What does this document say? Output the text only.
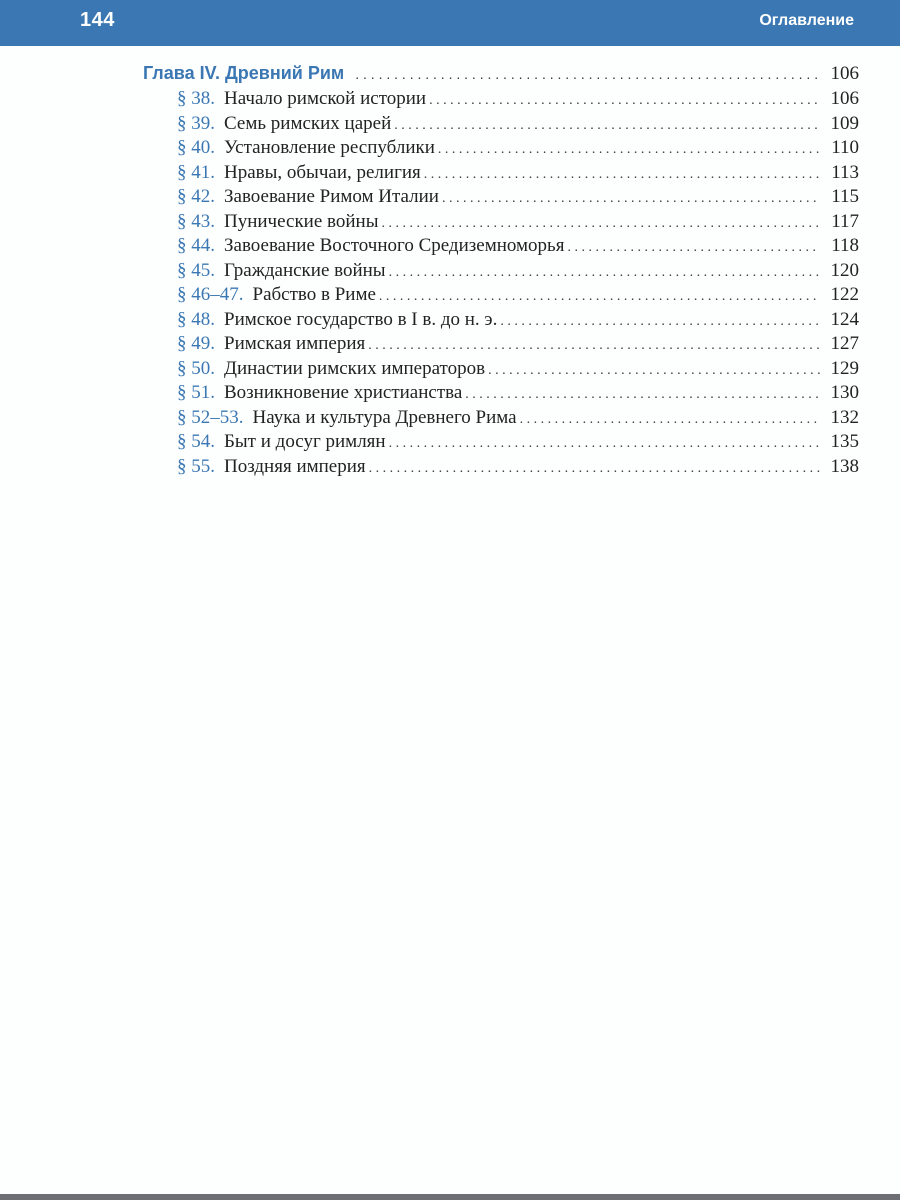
144	Оглавление
Глава IV. Древний Рим . . .	106
§ 38. Начало римской истории . . .	106
§ 39. Семь римских царей . . .	109
§ 40. Установление республики . . .	110
§ 41. Нравы, обычаи, религия . . .	113
§ 42. Завоевание Римом Италии . . .	115
§ 43. Пунические войны . . .	117
§ 44. Завоевание Восточного Средиземноморья . . .	118
§ 45. Гражданские войны . . .	120
§ 46–47. Рабство в Риме . . .	122
§ 48. Римское государство в I в. до н. э. . . .	124
§ 49. Римская империя . . .	127
§ 50. Династии римских императоров . . .	129
§ 51. Возникновение христианства . . .	130
§ 52–53. Наука и культура Древнего Рима . . .	132
§ 54. Быт и досуг римлян . . .	135
§ 55. Поздняя империя . . .	138
